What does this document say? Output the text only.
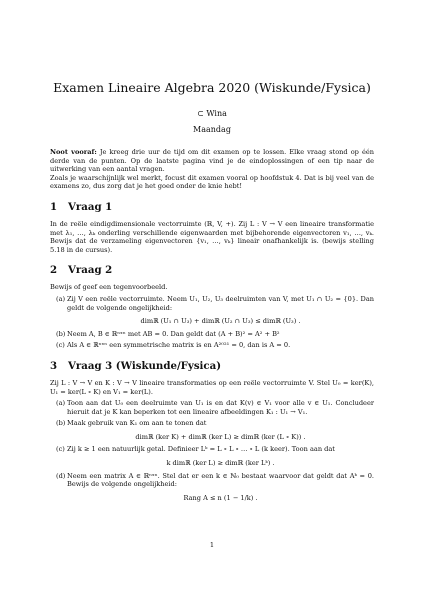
Examen Lineaire Algebra 2020 (Wiskunde/Fysica)
⊂ Wina
Maandag

Noot vooraf: Je kreeg drie uur de tijd om dit examen op te lossen. Elke vraag stond op één derde van de punten. Op de laatste pagina vind je de eindoplossingen of een tip naar de uitwerking van een aantal vragen.

Zoals je waarschijnlijk wel merkt, focust dit examen vooral op hoofdstuk 4. Dat is bij veel van de examens zo, dus zorg dat je het goed onder de knie hebt!

1 Vraag 1

In de reële eindigdimensionale vectorruimte (ℝ, V, +). Zij L : V → V een lineaire transformatie met λ₁, …, λₖ onderling verschillende eigenwaarden met bijbehorende eigenvectoren v₁, …, vₖ. Bewijs dat de verzameling eigenvectoren {v₁, …, vₖ} lineair onafhankelijk is. (bewijs stelling 5.18 in de cursus).

2 Vraag 2

Bewijs of geef een tegenvoorbeeld.

(a) Zij V een reële vectorruimte. Neem U₁, U₂, U₃ deelruimten van V, met U₁ ∩ U₂ = {0}. Dan geldt de volgende ongelijkheid:
dimℝ (U₁ ∩ U₃) + dimℝ (U₂ ∩ U₃) ≤ dimℝ (U₃) .
(b) Neem A, B ∈ ℝⁿˣⁿ met AB = 0. Dan geldt dat (A + B)² = A² + B²
(c) Als A ∈ ℝⁿˣⁿ een symmetrische matrix is en A²⁰²¹ = 0, dan is A = 0.
3 Vraag 3 (Wiskunde/Fysica)

Zij L : V → V en K : V → V lineaire transformaties op een reële vectorruimte V. Stel U₀ = ker(K), U₁ = ker(L ∘ K) en V₁ = ker(L).

(a) Toon aan dat U₀ een deelruimte van U₁ is en dat K(v) ∈ V₁ voor alle v ∈ U₁. Concludeer hieruit dat je K kan beperken tot een lineaire afbeeldingen K₁ : U₁ → V₁.
(b) Maak gebruik van K₁ om aan te tonen dat
dimℝ (ker K) + dimℝ (ker L) ≥ dimℝ (ker (L ∘ K)) .
(c) Zij k ≥ 1 een natuurlijk getal. Definieer Lᵏ = L ∘ L ∘ … ∘ L (k keer). Toon aan dat
k dimℝ (ker L) ≥ dimℝ (ker Lᵏ) .
(d) Neem een matrix A ∈ ℝⁿˣⁿ. Stel dat er een k ∈ ℕ₀ bestaat waarvoor dat geldt dat Aᵏ = 0. Bewijs de volgende ongelijkheid:
Rang A ≤ n (1 − 1/k) .
1
